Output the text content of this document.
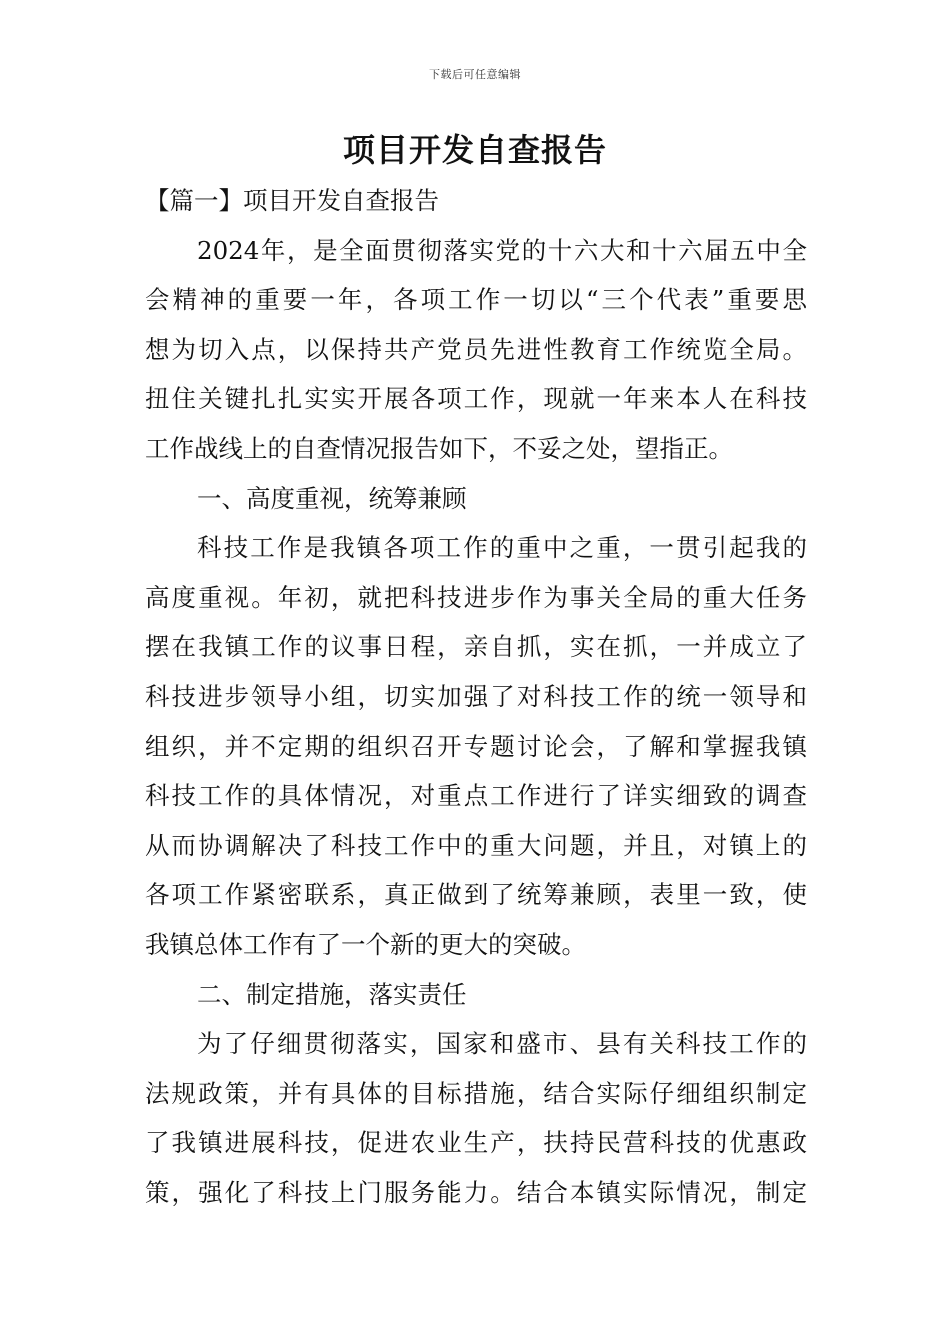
下载后可任意编辑
项目开发自查报告
【篇一】项目开发自查报告
2024年，是全面贯彻落实党的十六大和十六届五中全
会精神的重要一年，各项工作一切以“三个代表”重要思
想为切入点，以保持共产党员先进性教育工作统览全局。
扭住关键扎扎实实开展各项工作，现就一年来本人在科技
工作战线上的自查情况报告如下，不妥之处，望指正。
一、高度重视，统筹兼顾
科技工作是我镇各项工作的重中之重，一贯引起我的
高度重视。年初，就把科技进步作为事关全局的重大任务
摆在我镇工作的议事日程，亲自抓，实在抓，一并成立了
科技进步领导小组，切实加强了对科技工作的统一领导和
组织，并不定期的组织召开专题讨论会，了解和掌握我镇
科技工作的具体情况，对重点工作进行了详实细致的调查
从而协调解决了科技工作中的重大问题，并且，对镇上的
各项工作紧密联系，真正做到了统筹兼顾，表里一致，使
我镇总体工作有了一个新的更大的突破。
二、制定措施，落实责任
为了仔细贯彻落实，国家和盛市、县有关科技工作的
法规政策，并有具体的目标措施，结合实际仔细组织制定
了我镇进展科技，促进农业生产，扶持民营科技的优惠政
策，强化了科技上门服务能力。结合本镇实际情况，制定
